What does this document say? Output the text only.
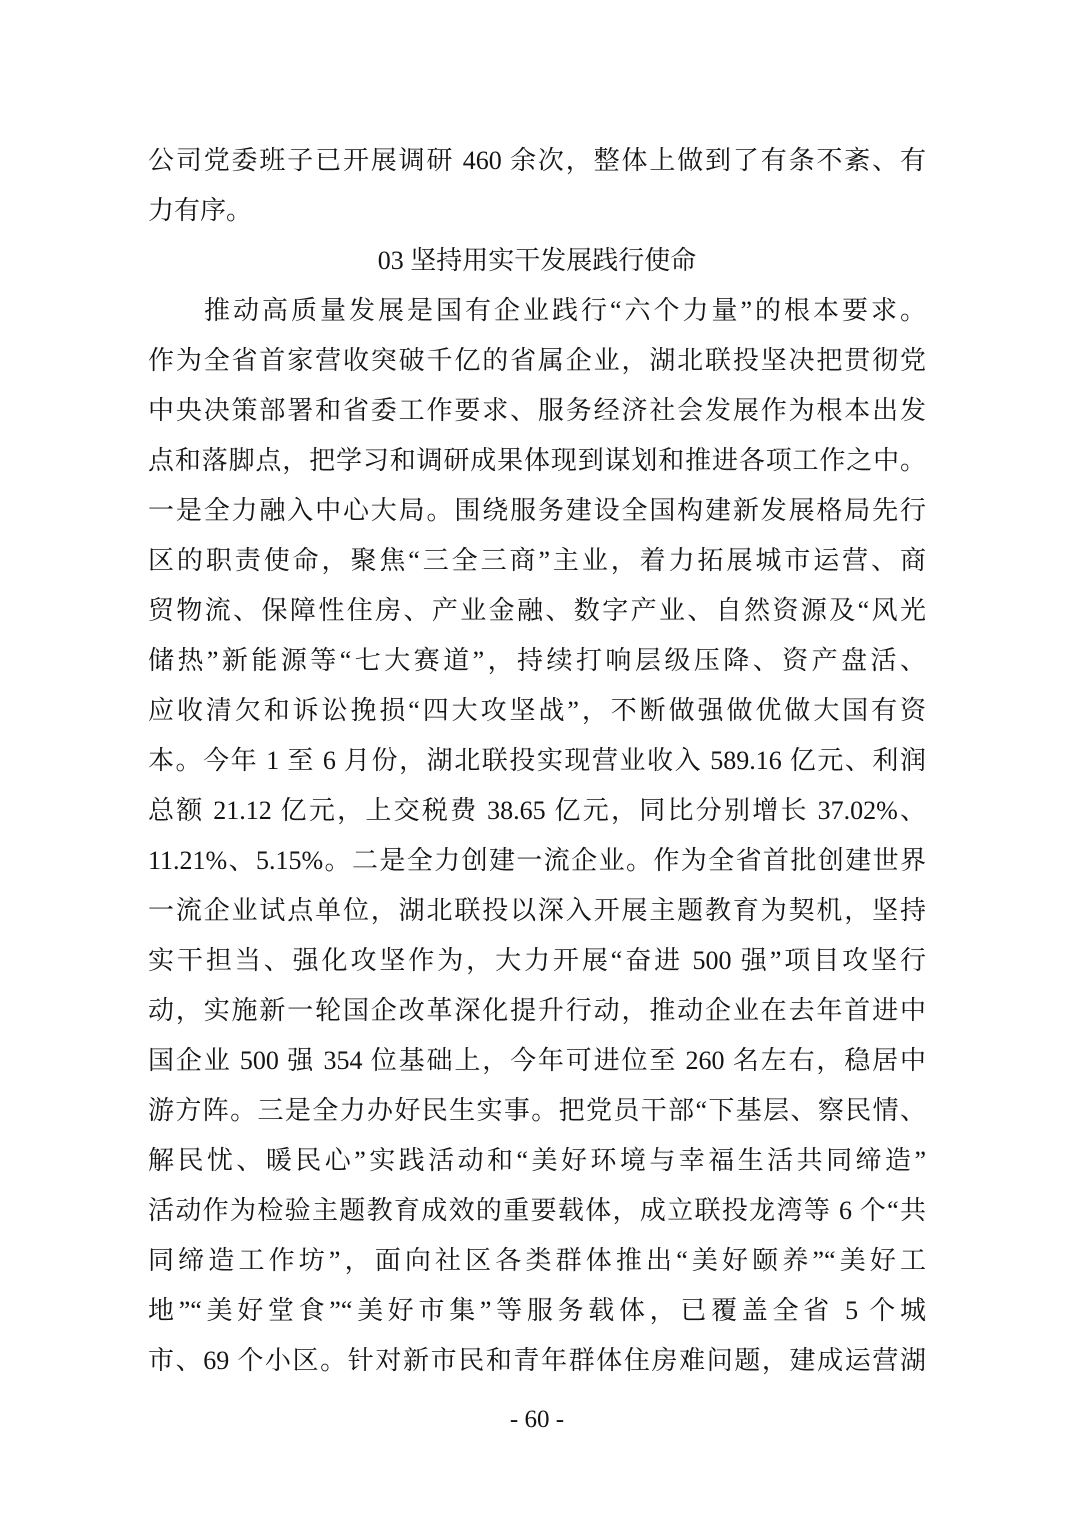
公司党委班子已开展调研 460 余次，整体上做到了有条不紊、有
力有序。
03 坚持用实干发展践行使命
推动高质量发展是国有企业践行“六个力量”的根本要求。
作为全省首家营收突破千亿的省属企业，湖北联投坚决把贯彻党
中央决策部署和省委工作要求、服务经济社会发展作为根本出发
点和落脚点，把学习和调研成果体现到谋划和推进各项工作之中。
一是全力融入中心大局。围绕服务建设全国构建新发展格局先行
区的职责使命，聚焦“三全三商”主业，着力拓展城市运营、商
贸物流、保障性住房、产业金融、数字产业、自然资源及“风光
储热”新能源等“七大赛道”，持续打响层级压降、资产盘活、
应收清欠和诉讼挽损“四大攻坚战”，不断做强做优做大国有资
本。今年 1 至 6 月份，湖北联投实现营业收入 589.16 亿元、利润
总额 21.12 亿元，上交税费 38.65 亿元，同比分别增长 37.02%、
11.21%、5.15%。二是全力创建一流企业。作为全省首批创建世界
一流企业试点单位，湖北联投以深入开展主题教育为契机，坚持
实干担当、强化攻坚作为，大力开展“奋进 500 强”项目攻坚行
动，实施新一轮国企改革深化提升行动，推动企业在去年首进中
国企业 500 强 354 位基础上，今年可进位至 260 名左右，稳居中
游方阵。三是全力办好民生实事。把党员干部“下基层、察民情、
解民忧、暖民心”实践活动和“美好环境与幸福生活共同缔造”
活动作为检验主题教育成效的重要载体，成立联投龙湾等 6 个“共
同缔造工作坊”，面向社区各类群体推出“美好颐养”“美好工
地”“美好堂食”“美好市集”等服务载体，已覆盖全省 5 个城
市、69 个小区。针对新市民和青年群体住房难问题，建成运营湖
- 60 -
